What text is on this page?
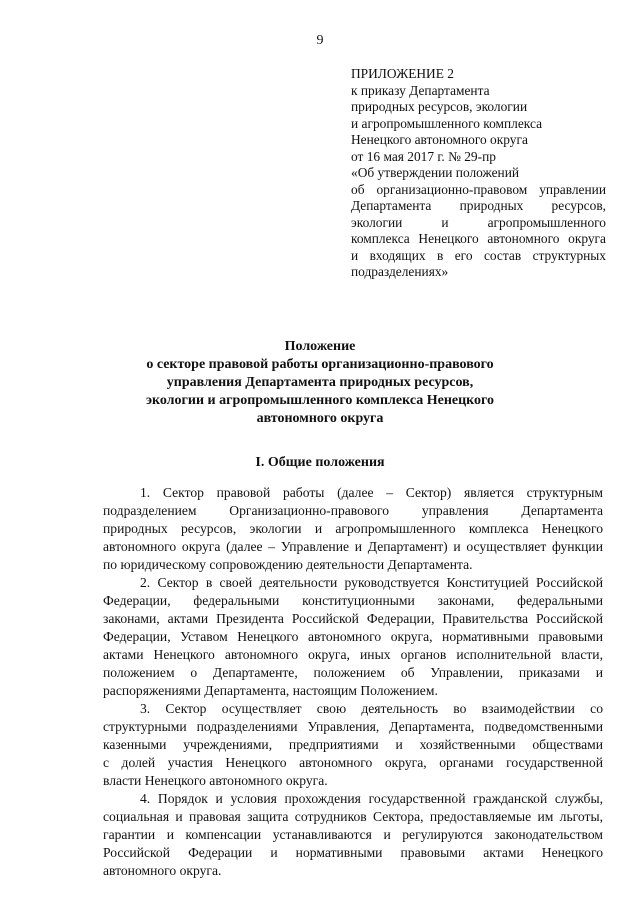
9
ПРИЛОЖЕНИЕ 2
к приказу Департамента
природных ресурсов, экологии
и агропромышленного комплекса
Ненецкого автономного округа
от 16 мая 2017 г. № 29-пр
«Об утверждении положений
об организационно-правовом управлении
Департамента природных ресурсов,
экологии и агропромышленного
комплекса Ненецкого автономного округа
и входящих в его состав структурных
подразделениях»
Положение
о секторе правовой работы организационно-правового
управления Департамента природных ресурсов,
экологии и агропромышленного комплекса Ненецкого
автономного округа
I. Общие положения

1. Сектор правовой работы (далее – Сектор) является структурным
подразделением Организационно-правового управления Департамента
природных ресурсов, экологии и агропромышленного комплекса Ненецкого
автономного округа (далее – Управление и Департамент) и осуществляет функции
по юридическому сопровождению деятельности Департамента.

2. Сектор в своей деятельности руководствуется Конституцией Российской
Федерации, федеральными конституционными законами, федеральными
законами, актами Президента Российской Федерации, Правительства Российской
Федерации, Уставом Ненецкого автономного округа, нормативными правовыми
актами Ненецкого автономного округа, иных органов исполнительной власти,
положением о Департаменте, положением об Управлении, приказами и
распоряжениями Департамента, настоящим Положением.

3. Сектор осуществляет свою деятельность во взаимодействии со
структурными подразделениями Управления, Департамента, подведомственными
казенными учреждениями, предприятиями и хозяйственными обществами
с долей участия Ненецкого автономного округа, органами государственной
власти Ненецкого автономного округа.

4. Порядок и условия прохождения государственной гражданской службы,
социальная и правовая защита сотрудников Сектора, предоставляемые им льготы,
гарантии и компенсации устанавливаются и регулируются законодательством
Российской Федерации и нормативными правовыми актами Ненецкого
автономного округа.
